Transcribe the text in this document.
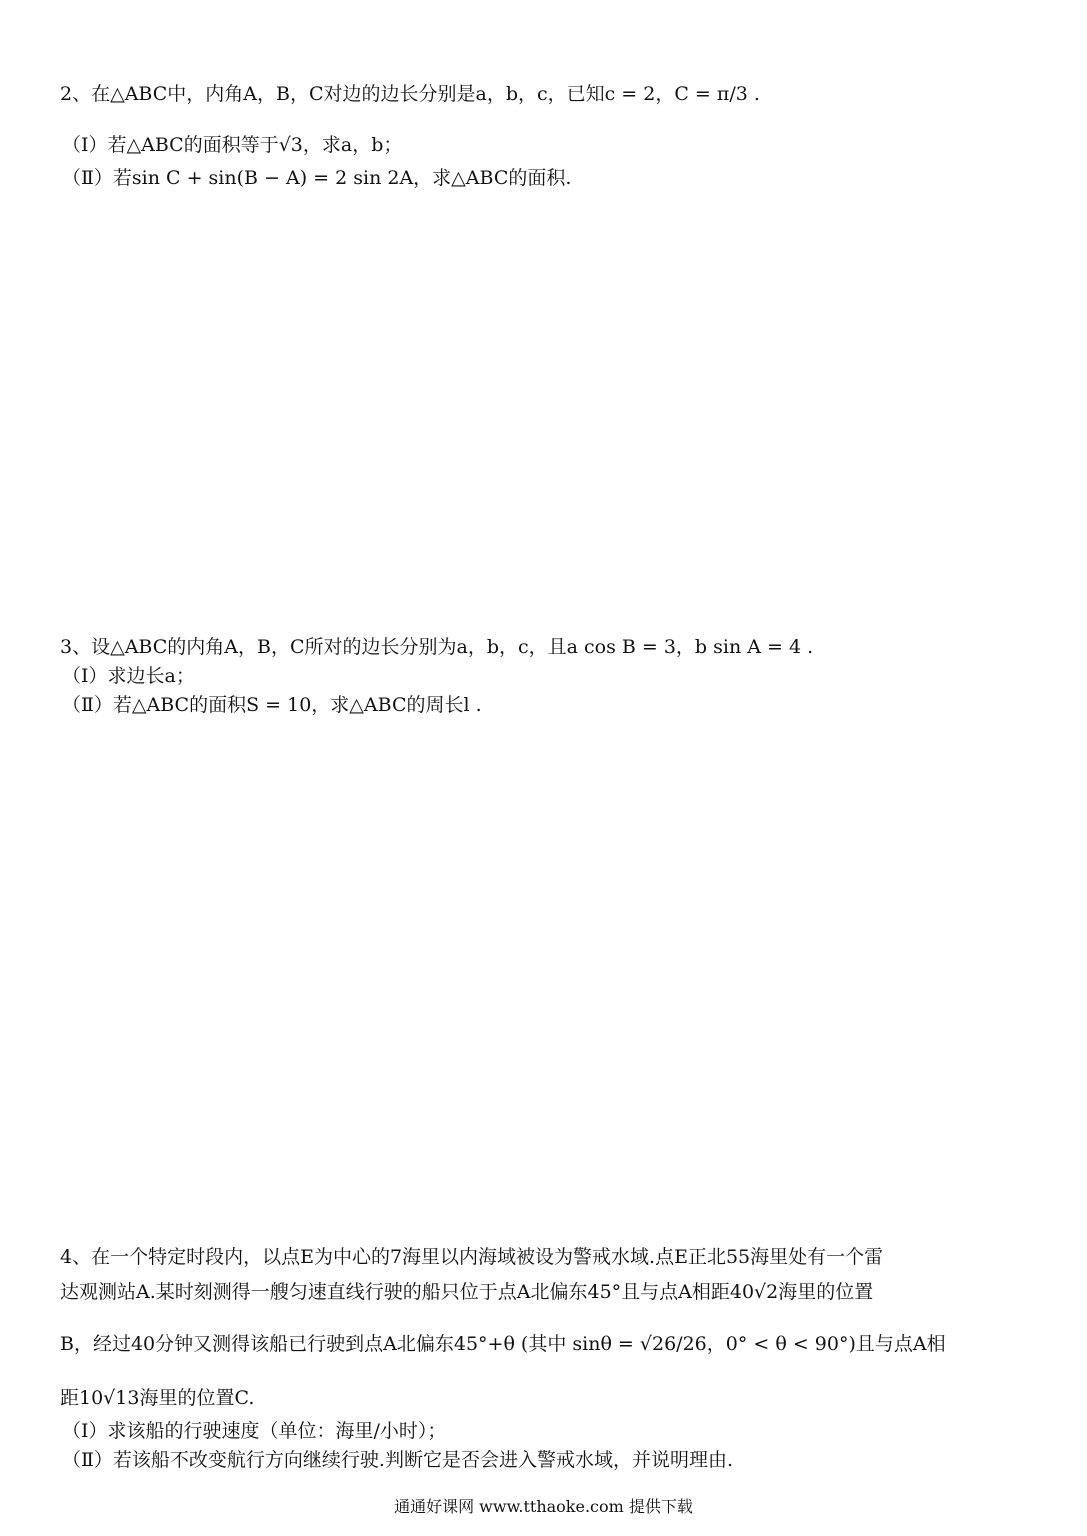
2、在△ABC中，内角A，B，C对边的边长分别是a，b，c，已知c = 2，C = π/3 .
（Ⅰ）若△ABC的面积等于√3，求a，b；
（Ⅱ）若sin C + sin(B − A) = 2 sin 2A，求△ABC的面积.
3、设△ABC的内角A，B，C所对的边长分别为a，b，c，且a cos B = 3，b sin A = 4 .
（Ⅰ）求边长a；
（Ⅱ）若△ABC的面积S = 10，求△ABC的周长l .
4、在一个特定时段内，以点E为中心的7海里以内海域被设为警戒水域.点E正北55海里处有一个雷
达观测站A.某时刻测得一艘匀速直线行驶的船只位于点A北偏东45°且与点A相距40√2海里的位置
B，经过40分钟又测得该船已行驶到点A北偏东45°+θ (其中 sinθ = √26/26，0° < θ < 90°)且与点A相
距10√13海里的位置C.
（Ⅰ）求该船的行驶速度（单位：海里/小时）；
（Ⅱ）若该船不改变航行方向继续行驶.判断它是否会进入警戒水域，并说明理由.
通通好课网 www.tthaoke.com 提供下载
